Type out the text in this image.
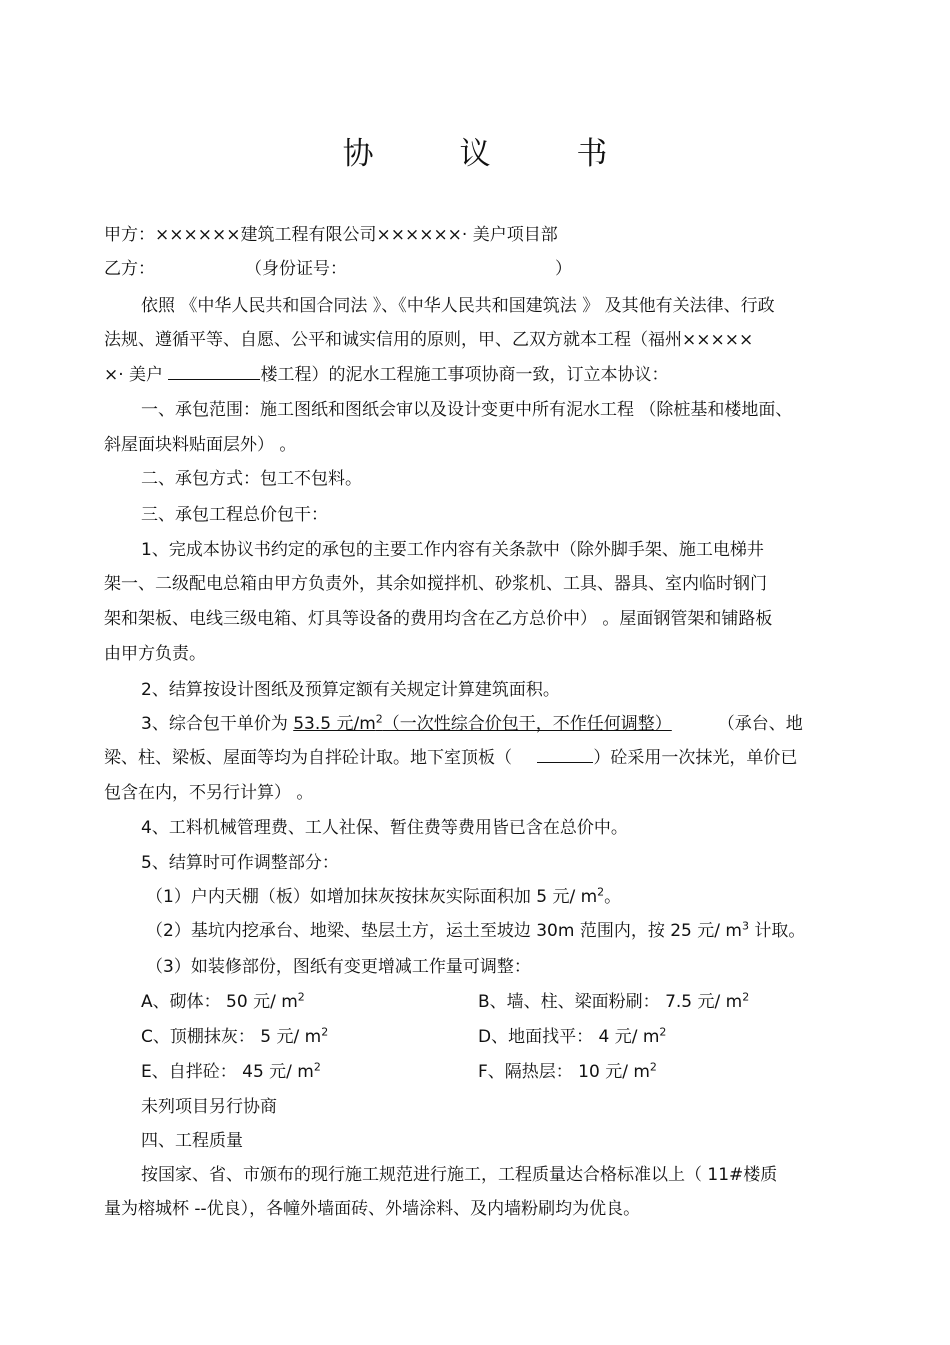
协 议 书
甲方：××××××建筑工程有限公司××××××· 美户项目部
乙方：	（身份证号：	）
依照 《中华人民共和国合同法 》、《中华人民共和国建筑法 》 及其他有关法律、行政
法规、遵循平等、自愿、公平和诚实信用的原则，甲、乙双方就本工程（福州×××××
×· 美户	楼工程）的泥水工程施工事项协商一致，订立本协议：
一、承包范围：施工图纸和图纸会审以及设计变更中所有泥水工程 （除桩基和楼地面、
斜屋面块料贴面层外） 。
二、承包方式：包工不包料。
三、承包工程总价包干：
1、完成本协议书约定的承包的主要工作内容有关条款中（除外脚手架、施工电梯井
架一、二级配电总箱由甲方负责外，其余如搅拌机、砂浆机、工具、器具、室内临时钢门
架和架板、电线三级电箱、灯具等设备的费用均含在乙方总价中） 。屋面钢管架和铺路板
由甲方负责。
2、结算按设计图纸及预算定额有关规定计算建筑面积。
3、综合包干单价为 53.5 元$/m^2$（一次性综合价包干，不作任何调整）	（承台、地
梁、柱、梁板、屋面等均为自拌砼计取。地下室顶板（	）砼采用一次抹光，单价已
包含在内，不另行计算） 。
4、工料机械管理费、工人社保、暂住费等费用皆已含在总价中。
5、结算时可作调整部分：
（1）户内天棚（板）如增加抹灰按抹灰实际面积加 5 元/ $m^2$。
（2）基坑内挖承台、地梁、垫层土方，运土至坡边 30m 范围内，按 25 元/ $m^3$ 计取。
（3）如装修部份，图纸有变更增减工作量可调整：
A、砌体： 50 元/ $m^2$	B、墙、柱、梁面粉刷： 7.5 元/ $m^2$
C、顶棚抹灰： 5 元/ $m^2$	D、地面找平： 4 元/ $m^2$
E、自拌砼： 45 元/ $m^2$	F、隔热层： 10 元/ $m^2$
未列项目另行协商
四、工程质量
按国家、省、市颁布的现行施工规范进行施工，工程质量达合格标准以上（ 11#楼质
量为榕城杯 --优良），各幢外墙面砖、外墙涂料、及内墙粉刷均为优良。
